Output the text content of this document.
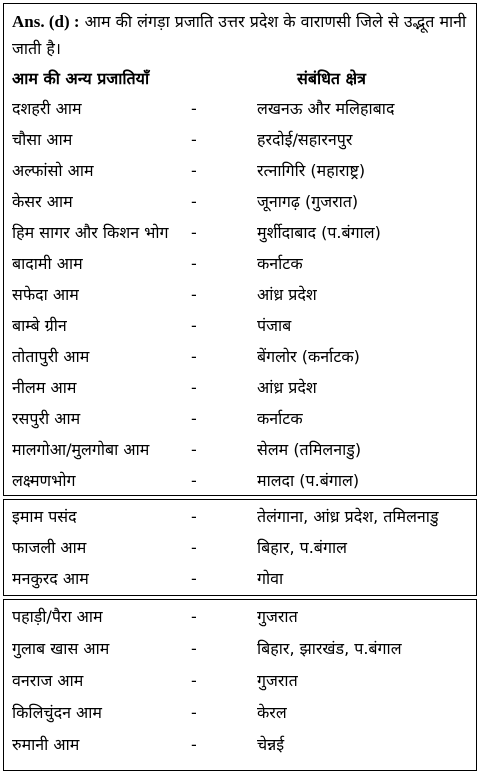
Ans. (d) : आम की लंगड़ा प्रजाति उत्तर प्रदेश के वाराणसी जिले से उद्भूत मानी जाती है।
आम की अन्य प्रजातियाँ	संबंधित क्षेत्र
दशहरी आम	-	लखनऊ और मलिहाबाद
चौसा आम	-	हरदोई/सहारनपुर
अल्फांसो आम	-	रत्नागिरि (महाराष्ट्र)
केसर आम	-	जूनागढ़ (गुजरात)
हिम सागर और किशन भोग -	मुर्शीदाबाद (प.बंगाल)
बादामी आम	-	कर्नाटक
सफेदा आम	-	आंध्र प्रदेश
बाम्बे ग्रीन	-	पंजाब
तोतापुरी आम	-	बेंगलोर (कर्नाटक)
नीलम आम	-	आंध्र प्रदेश
रसपुरी आम	-	कर्नाटक
मालगोआ/मुलगोबा आम	-	सेलम (तमिलनाडु)
लक्ष्मणभोग	-	मालदा (प.बंगाल)
इमाम पसंद	-	तेलंगाना, आंध्र प्रदेश, तमिलनाडु
फाजली आम	-	बिहार, प.बंगाल
मनकुरद आम	-	गोवा
पहाड़ी/पैरा आम	-	गुजरात
गुलाब खास आम	-	बिहार, झारखंड, प.बंगाल
वनराज आम	-	गुजरात
किलिचुंदन आम	-	केरल
रुमानी आम	-	चेन्नई
